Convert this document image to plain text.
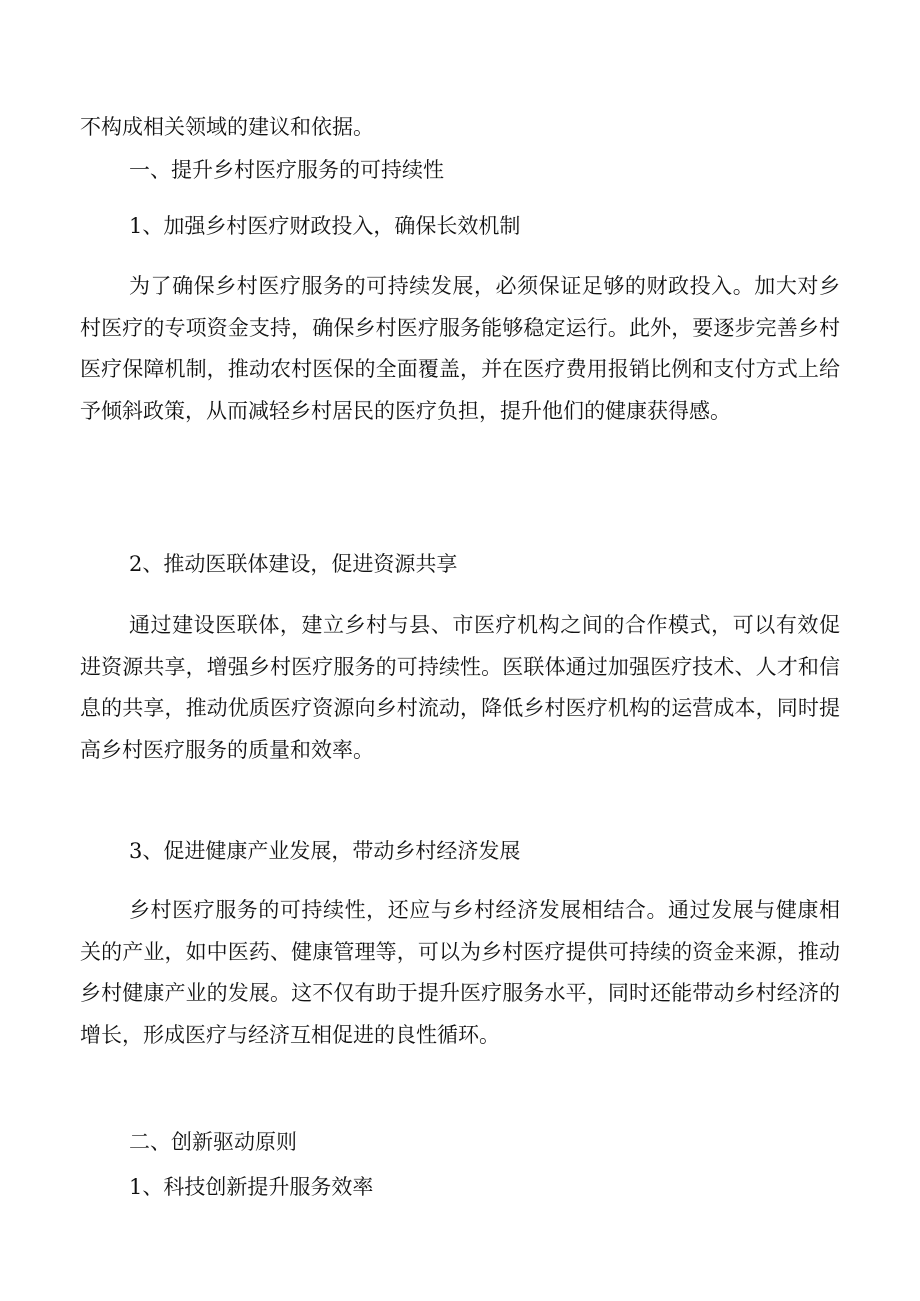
不构成相关领域的建议和依据。

一、提升乡村医疗服务的可持续性

1、加强乡村医疗财政投入，确保长效机制

为了确保乡村医疗服务的可持续发展，必须保证足够的财政投入。加大对乡村医疗的专项资金支持，确保乡村医疗服务能够稳定运行。此外，要逐步完善乡村医疗保障机制，推动农村医保的全面覆盖，并在医疗费用报销比例和支付方式上给予倾斜政策，从而减轻乡村居民的医疗负担，提升他们的健康获得感。

2、推动医联体建设，促进资源共享

通过建设医联体，建立乡村与县、市医疗机构之间的合作模式，可以有效促进资源共享，增强乡村医疗服务的可持续性。医联体通过加强医疗技术、人才和信息的共享，推动优质医疗资源向乡村流动，降低乡村医疗机构的运营成本，同时提高乡村医疗服务的质量和效率。

3、促进健康产业发展，带动乡村经济发展

乡村医疗服务的可持续性，还应与乡村经济发展相结合。通过发展与健康相关的产业，如中医药、健康管理等，可以为乡村医疗提供可持续的资金来源，推动乡村健康产业的发展。这不仅有助于提升医疗服务水平，同时还能带动乡村经济的增长，形成医疗与经济互相促进的良性循环。

二、创新驱动原则

1、科技创新提升服务效率
